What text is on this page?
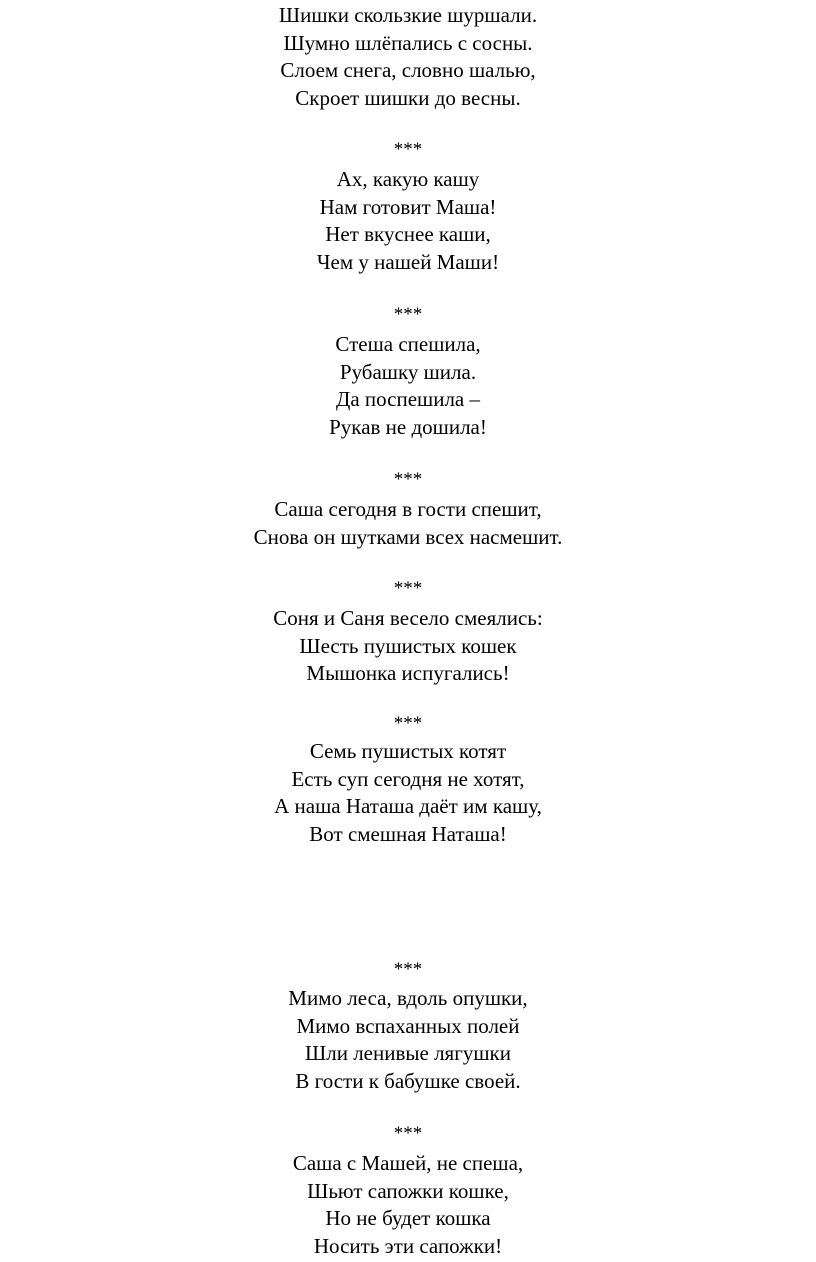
Шишки скользкие шуршали.
Шумно шлёпались с сосны.
Слоем снега, словно шалью,
Скроет шишки до весны.
***
Ах, какую кашу
Нам готовит Маша!
Нет вкуснее каши,
Чем у нашей Маши!
***
Стеша спешила,
Рубашку шила.
Да поспешила –
Рукав не дошила!
***
Саша сегодня в гости спешит,
Снова он шутками всех насмешит.
***
Соня и Саня весело смеялись:
Шесть пушистых кошек
Мышонка испугались!
***
Семь пушистых котят
Есть суп сегодня не хотят,
А наша Наташа даёт им кашу,
Вот смешная Наташа!
***
Мимо леса, вдоль опушки,
Мимо вспаханных полей
Шли ленивые лягушки
В гости к бабушке своей.
***
Саша с Машей, не спеша,
Шьют сапожки кошке,
Но не будет кошка
Носить эти сапожки!
